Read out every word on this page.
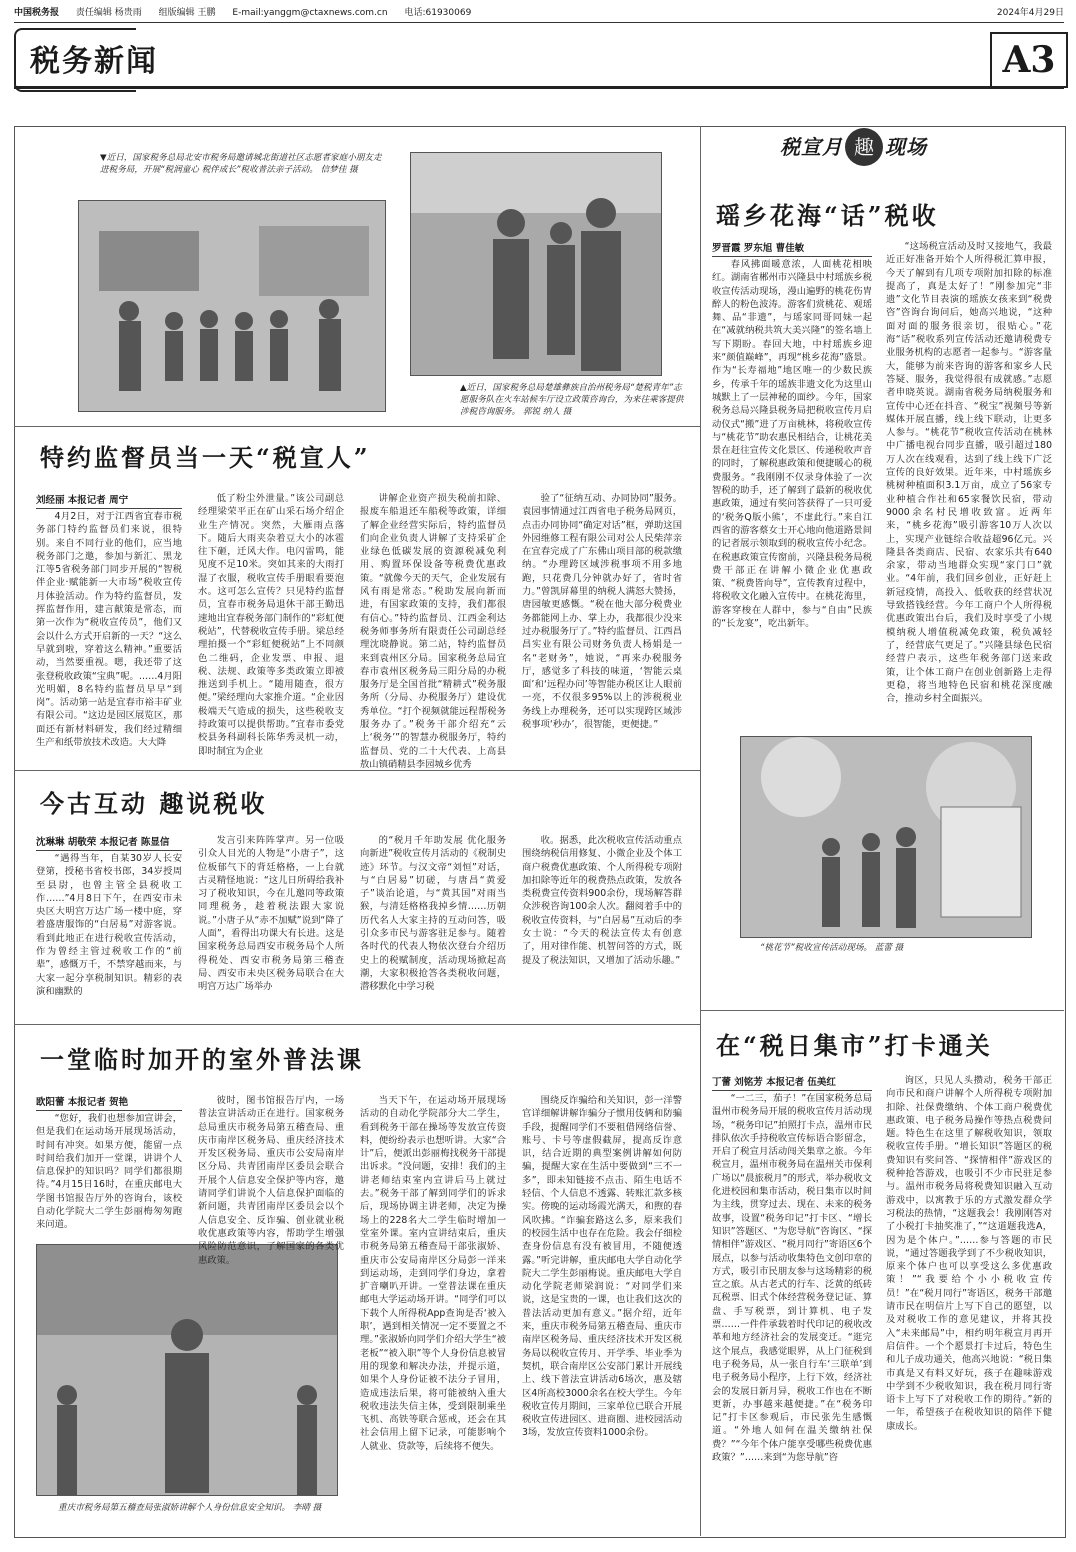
中国税务报 责任编辑 杨贵雨 组版编辑 王鹏 E-mail:yanggm@ctaxnews.com.cn 电话:61930069	2024年4月29日
税务新闻	A3
▼近日，国家税务总局北安市税务局邀请城北街道社区志愿者家庭小朋友走进税务局，开展“税润童心 税伴成长”税收普法亲子活动。 信梦佳 摄
▲近日，国家税务总局楚雄彝族自治州税务局“楚税青年”志愿服务队在火车站候车厅设立政策咨询台，为来往乘客提供涉税咨询服务。 郭锐 纳人 摄
特约监督员当一天“税宣人”
刘经丽 本报记者 周宁

4月2日，对于江西省宜春市税务部门特约监督员们来说，很特别。来自不同行业的他们，应当地税务部门之邀，参加与新汇、黑龙江等5省税务部门同步开展的“智税伴企业·赋能新一大市场”税收宣传月体验活动。作为特约监督员，发挥监督作用，建言献策是常态，而第一次作为“税收宣传员”，他们又会以什么方式开启新的一天？“这么早就到啦，穿着这么精神。”重要活动，当然要重视。嗯，我还带了这张登税收政策“宝典”呢。……4月阳光明媚，8名特约监督员早早“到岗”。活动第一站是宜春市裕丰矿业有限公司。“这边是园区展览区，那面还有新材料研发，我们经过精细生产和纸带放技术改造。大大降

低了粉尘外泄量。”该公司副总经理梁荣平正在矿山采石场介绍企业生产情况。突然，大雁雨点落下。随后大雨夹杂着豆大小的冰雹往下砸，迁风大作。电闪雷鸣，能见度不足10米。突如其来的大雨打湿了衣服，税收宣传手册眼看要泡水。这可怎么宣传？只见特约监督员，宜春市税务局退休干部王勤迅速地出宜春税务部门制作的“彩虹便税站”，代替税收宣传手册。梁总经理拍摄一个“彩虹便税站”上不同颜色二维码，企业发票、申报、退税、法规、政策等多类政策立即被推送到手机上。“随用随查，很方便。”梁经理向大家推介道。“企业因极端天气造成的损失，这些税收支持政策可以提供帮助。”宜春市委党校县务科副科长陈华秀灵机一动，即时制宜为企业

讲解企业资产损失税前扣除、报废车船退还车船税等政策，详细了解企业经营实际后，特约监督员们向企业负责人讲解了支持采矿企业绿色低碳发展的资源税减免利用、购置环保设备等税费优惠政策。“就像今天的天气，企业发展有风有雨是常态。”税助发展向新而进，有国家政策的支持，我们都很有信心。”特约监督员、江西金利达税务师事务所有限责任公司副总经理沈晓静说。第二站，特约监督员来到袁州区分局。国家税务总局宜春市袁州区税务局三阳分局的办税服务厅是全国首批“精耕式”税务服务所（分局、办税服务厅）建设优秀单位。“打个视频就能远程帮税务服务办了。”税务干部介绍充“云上‘税务’”的智慧办税服务厅，特约监督员、党的二十大代表、上高县敖山镇硝精县李园城乡优秀

验了“征纳互动、办同协同”服务。袁园事情通过江西省电子税务局网页，点击办同协同“确定对话”框，弹助这国外园维修工程有限公司对公人民柴萍亲在宜春完成了广东佛山项目部的税款缴纳。“办理跨区域涉税事项不用多地跑，只花费几分钟就办好了，省时省力。”曾凯屏幕里的纳税人满怒大赞扬，唐园敏更感慨。“税在他大部分税费业务都能网上办、掌上办，我都很少没来过办税服务厅了。”特约监督员、江西昌昌实业有限公司财务负责人杨娟是一名“老财务”，她说，“再来办税服务厅，感觉多了科技的味道，‘智能云桌面’和‘远程办问’等智能办税区让人眼前一亮，不仅很多95%以上的涉税税业务线上办理税务，还可以实现跨区域涉税事项‘秒办’，很智能，更便捷。”

今古互动 趣说税收
沈琳琳 胡敬荣 本报记者 陈显信

“遇得当年，自某30岁人长安登第，授秘书省校书郎，34岁授周至县尉，也曾主管全县税收工作……”4月8日下午，在西安市未央区大明宫万达广场一楼中庭，穿着盛唐服饰的“白居易”对游客说。看到此地正在进行税收宣传活动，作为曾经主管过税收工作的“前辈”，感慨万千，不禁穿越而来，与大家一起分享税制知识。精彩的表演和幽默的

发言引来阵阵掌声。另一位吸引众人目光的人物是“小唐子”，这位板郁气下的背廷格格，一上台就古灵精怪地说：“这儿日所碍给我补习了税收知识，今在儿邀同等政策同理税务，趁着税法跟大家说说。”小唐子从“赤不加赋”说到“降了人面”，看得出功课大有长进。这是国家税务总局西安市税务局个人所得税处、西安市税务局第三稽查局、西安市未央区税务局联合在大明宫万达广场举办

的“税月千年助发展 优化服务向新进”税收宣传月活动的《税制史迹》环节。与汉文帝“刘恒”对话，与“白居易”切磋，与唐昌“黄爱子”谈治论道，与“黄其国”对雨当猴，与清廷格格我掉乡情……历朝历代名人大家主持的互动问答，吸引众多市民与游客驻足参与。随着各时代的代表人物依次登台介绍历史上的税赋制度，活动现场掀起高潮，大家积极抢答各类税收问题，潜移默化中学习税

收。据悉，此次税收宣传活动重点围绕纳税信用修复、小微企业及个体工商户税费优惠政策、个人所得税专项附加扣除等近年的税费热点政策，发放各类税费宣传资料900余份，现场解答群众涉税咨询100余人次。翻阅着手中的税收宣传资料，与“白居易”互动后的李女士说：“今天的税法宣传太有创意了，用对律作能、机智问答的方式，既提及了税法知识，又增加了活动乐趣。”

一堂临时加开的室外普法课
欧阳蕾 本报记者 贺艳

“您好，我们也想参加宣讲会，但是我们在运动场开展现场活动，时间有冲突。如果方便，能留一点时间给我们加开一堂课，讲讲个人信息保护的知识吗？同学们都很期待。”4月15日16时，在重庆邮电大学图书馆报告厅外的咨询台，该校自动化学院大二学生彭丽梅匆匆跑来问道。

重庆市税务局第五稽查局张淑娇讲解个人身份信息安全知识。 李晴 摄

彼时，图书馆报告厅内，一场普法宣讲活动正在进行。国家税务总局重庆市税务局第五稽查局、重庆市南岸区税务局、重庆经济技术开发区税务局、重庆市公安局南岸区分局、共青团南岸区委员会联合开展个人信息安全保护等内容，邀请同学们讲说个人信息保护面临的新问题，共青团南岸区委员会以个人信息安全、反诈骗、创业就业税收优惠政策等内容，帮助学生增强风险防范意识，了解国家的各类优惠政策。

当天下午，在运动场开展现场活动的自动化学院部分大二学生，看到税务干部在操场等发放宣传资料，便纷纷表示也想听讲。大家“合计”后，便派出彭丽梅找税务干部提出诉求。“没问题，安排！我们的主讲老师结束室内宣讲后马上就过去。”税务干部了解到同学们的诉求后，现场协调主讲老师，决定为操场上的228名大二学生临时增加一堂室外课。室内宣讲结束后，重庆市税务局第五稽查局干部张淑娇、重庆市公安局南岸区分局彭一洋来到运动场，走到同学们身边，拿着扩音喇叭开讲。一堂普法课在重庆邮电大学运动场开讲。“同学们可以下载个人所得税App查询是否‘被入职’，遇到相关情况一定不要置之不理。”张淑娇向同学们介绍大学生“被老板”“被入职”等个人身份信息被冒用的现象和解决办法，并提示道，如果个人身份证被不法分子冒用，造成违法后果，将可能被纳入重大税收违法失信主体，受到限制乘坐飞机、高铁等联合惩戒，还会在其社会信用上留下记录，可能影响个人就业、贷款等，后续将不便失。

围绕反诈骗给和关知识，彭一洋警官详细解讲解诈骗分子惯用伎俩和防骗手段，提醒同学们不要租借网络信誉、账号、卡号等虚假截屏，提高反诈意识，结合近期的典型案例讲解如何防骗，提醒大家在生活中要做到“三不一多”，即未知链接不点击、陌生电话不轻信、个人信息不透露、转账汇款多核实。傍晚的运动场霞光满天，和煦的春风吹拂。“诈骗套路这么多，原来我们的校园生活中也存在危险。我会仔细检查身份信息有没有被冒用，不随便透露。”听完讲解，重庆邮电大学自动化学院大二学生彭丽梅说。重庆邮电大学自动化学院老师梁润说：“对同学们来说，这是宝贵的一课，也让我们这次的普法活动更加有意义。”据介绍，近年来，重庆市税务局第五稽查局、重庆市南岸区税务局、重庆经济技术开发区税务局以税收宣传月、开学季、毕业季为契机，联合南岸区公安部门累计开展线上、线下普法宣讲活动6场次，惠及辖区4所高校3000余名在校大学生。今年税收宣传月期间，三家单位已联合开展税收宣传进园区、进商圈、进校园活动3场，发放宣传资料1000余份。

税宣月 趣 现场
瑶乡花海“话”税收
罗晋霞 罗东旭 曹佳敏

春风拂面暖意浓，人面桃花相映红。湖南省郴州市兴隆县中村瑶族乡税收宣传活动现场，漫山遍野的桃花伤胄醉人的粉色波涛。游客们赏桃花、观瑶舞、品“非遗”，与瑶家同哥同妹一起在“减就纳税共筑大美兴隆”的签名墙上写下期盼。春回大地，中村瑶族乡迎来“颜值巅峰”，再现“桃乡花海”盛景。作为“长寿福地”地区唯一的少数民族乡，传承千年的瑶族非遗文化为这里山城默上了一层神秘的面纱。今年，国家税务总局兴隆县税务局把税收宣传月启动仪式“搬”进了万亩桃林，将税收宣传与“桃花节”助农惠民相结合，让桃花美景在赶往宣传文化景区、传递税收声音的同时，了解税惠政策和便捷暖心的税费服务。“我刚刚不仅录身体验了一次智税的助手，还了解到了最新的税收优惠政策，通过有奖问答获得了一只可爱的‘税务Q版小熊’，不虚此行。”来自江西省的游客蔡女士开心地向他道路景间的记者展示领取到的税收宣传小纪念。在税惠政策宣传窗前，兴隆县税务局税费干部正在讲解小微企业优惠政策、“税费皆向导”，宣传教育过程中，将税收文化融入宣传中。在桃花海里，游客穿梭在人群中，参与“自由”民族的“长龙宴”，吃出新年。

“这场税宣活动及时又接地气，我最近正好准备开始个人所得税汇算申报，今天了解到有几项专项附加扣除的标准提高了，真是太好了！”刚参加完“非遗”文化节目表演的瑶族女孩来到“税费咨”咨询台询问后，她高兴地说，“这种面对面的服务很亲切，很贴心。”花海“话”税收系列宣传活动还邀请税费专业服务机构的志愿者一起参与。“游客量大，能够为前来咨询的游客和家乡人民答疑、服务，我觉得很有成就感。”志愿者申晓英说。湖南省税务局纳税服务和宣传中心还在抖音、“税宝”视频号等新媒体开展直播，线上线下联动，让更多人参与。“桃花节”税收宣传活动在桃林中广播电视台同步直播，吸引超过180万人次在线观看，达到了线上线下广泛宣传的良好效果。近年来，中村瑶族乡桃树种植面积3.1万亩，成立了56家专业种植合作社和65家餐饮民宿，带动9000余名村民增收致富。近两年来，“桃乡花海”吸引游客10万人次以上，实现产业链综合收益超96亿元。兴隆县各类商店、民宿、农家乐共有640余家，带动当地群众实现“家门口”就业。“4年前，我们回乡创业，正好赶上新冠疫情，高投入、低收获的经营状况导致搭钱经营。今年工商户个人所得税优惠政策出台后，我们及时享受了小规模纳税人增值税减免政策，税负减轻了，经营底气更足了。”兴隆县绿色民宿经营户表示，这些年税务部门送来政策，让个体工商户在创业创新路上走得更稳，将当地特色民宿和桃花深度融合，推动乡村全面振兴。

“桃花节”税收宣传活动现场。 蓝蕾 摄
在“税日集市”打卡通关
丁蕾 刘铭芳 本报记者 伍美红

“一二三，茄子！”在国家税务总局温州市税务局开展的税收宣传月活动现场，“税务印记”拍照打卡点，温州市民排队依次手持税收宣传标语合影留念，开启了税宣月活动闯关集章之旅。今年税宣月，温州市税务局在温州关市保利广场以“晨旅税月”的形式，举办税收文化进校园和集市活动，税日集市以时间为主线，贯穿过去、现在、未来的税务故事，设置“税务印记”打卡区、“增长知识”答题区、“为您导航”咨询区、“探情相伴”游戏区、“税月同行”寄语区6个展点，以参与活动收集特色文创印章的方式，吸引市民朋友参与这场精彩的税宣之旅。从古老式的行车、泛黄的纸砖瓦税票、旧式个体经营税务登记证、算盘、手写税票，到计算机、电子发票……一件件承载着时代印记的税收改革和地方经济社会的发展变迁。“逛完这个展点，我感觉眼界，从上门征税到电子税务局，从一张自行车‘三联单’到电子税务局小程序，上行下效，经济社会的发展日新月异，税收工作也在不断更新，办事越来越便捷。”在“税务印记”打卡区参观后，市民张先生感慨道。“外地人如何在温关缴纳社保费？”“今年个体户能享受哪些税费优惠政策？”……来到“为您导航”咨

询区，只见人头攒动，税务干部正向市民和商户讲解个人所得税专项附加扣除、社保费缴纳、个体工商户税费优惠政策、电子税务局操作等热点税费问题。特色生在这里了解税收知识，领取税收宣传手册。“增长知识”答题区的税费知识有奖问答、“探情相伴”游戏区的税种抢答游戏，也吸引不少市民驻足参与。温州市税务局将税费知识融入互动游戏中，以寓教于乐的方式激发群众学习税法的热情，“这题我会！我刚刚答对了小税打卡抽奖准了，”“这道题我选A，因为是个体户。”……参与答题的市民说，“通过答题我学到了不少税收知识，原来个体户也可以享受这么多优惠政策！”“我要给个小小税收宣传员！”在“税月同行”寄语区，税务干部邀请市民在明信片上写下自己的愿望，以及对税收工作的意见建议，并将其投入“未来邮局”中，相约明年税宣月再开启信件。一个个愿景打卡过后，特色生和儿子成功通关，他高兴地说：“税日集市真是又有料又好玩，孩子在趣味游戏中学到不少税收知识，我在税月同行寄语卡上写下了对税收工作的期待。”新的一年，希望孩子在税收知识的陪伴下健康成长。
